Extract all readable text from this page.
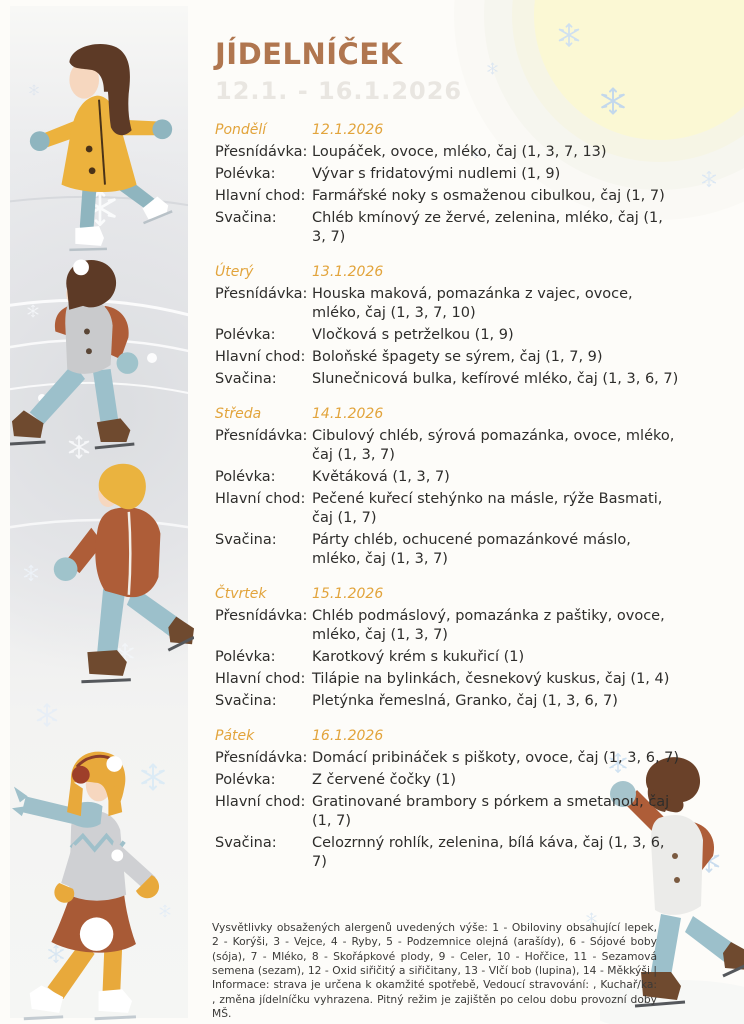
JÍDELNÍČEK
12.1. - 16.1.2026
Pondělí	12.1.2026
Přesnídávka: Loupáček, ovoce, mléko, čaj (1, 3, 7, 13)
Polévka:	Vývar s fridatovými nudlemi (1, 9)
Hlavní chod: Farmářské noky s osmaženou cibulkou, čaj (1, 7)
Svačina:	Chléb kmínový ze žervé, zelenina, mléko, čaj (1, 3, 7)
Úterý	13.1.2026
Přesnídávka: Houska maková, pomazánka z vajec, ovoce, mléko, čaj (1, 3, 7, 10)
Polévka:	Vločková s petrželkou (1, 9)
Hlavní chod: Boloňské špagety se sýrem, čaj (1, 7, 9)
Svačina:	Slunečnicová bulka, kefírové mléko, čaj (1, 3, 6, 7)
Středa	14.1.2026
Přesnídávka: Cibulový chléb, sýrová pomazánka, ovoce, mléko, čaj (1, 3, 7)
Polévka:	Květáková (1, 3, 7)
Hlavní chod: Pečené kuřecí stehýnko na másle, rýže Basmati, čaj (1, 7)
Svačina:	Párty chléb, ochucené pomazánkové máslo, mléko, čaj (1, 3, 7)
Čtvrtek	15.1.2026
Přesnídávka: Chléb podmáslový, pomazánka z paštiky, ovoce, mléko, čaj (1, 3, 7)
Polévka:	Karotkový krém s kukuřicí (1)
Hlavní chod: Tilápie na bylinkách, česnekový kuskus, čaj (1, 4)
Svačina:	Pletýnka řemeslná, Granko, čaj (1, 3, 6, 7)
Pátek	16.1.2026
Přesnídávka: Domácí pribináček s piškoty, ovoce, čaj (1, 3, 6, 7)
Polévka:	Z červené čočky (1)
Hlavní chod: Gratinované brambory s pórkem a smetanou, čaj (1, 7)
Svačina:	Celozrnný rohlík, zelenina, bílá káva, čaj (1, 3, 6, 7)
Vysvětlivky obsažených alergenů uvedených výše: 1 - Obiloviny obsahující lepek, 2 - Korýši, 3 - Vejce, 4 - Ryby, 5 - Podzemnice olejná (arašídy), 6 - Sójové boby (sója), 7 - Mléko, 8 - Skořápkové plody, 9 - Celer, 10 - Hořčice, 11 - Sezamová semena (sezam), 12 - Oxid siřičitý a siřičitany, 13 - Vlčí bob (lupina), 14 - Měkkýši | Informace: strava je určena k okamžité spotřebě, Vedoucí stravování: , Kuchař/ka: , změna jídelníčku vyhrazena. Pitný režim je zajištěn po celou dobu provozní doby MŠ.
